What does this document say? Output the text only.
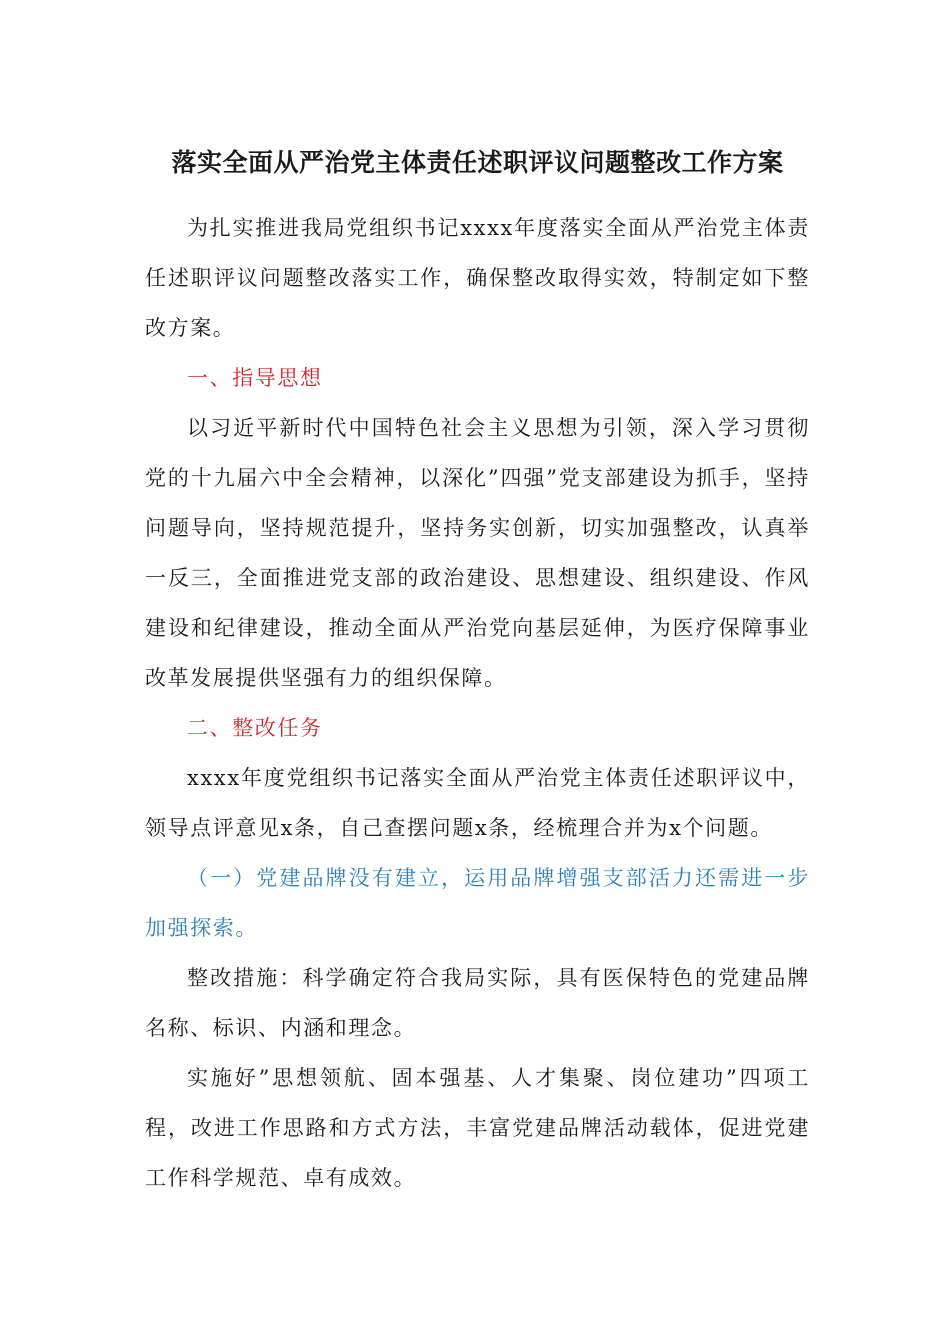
落实全面从严治党主体责任述职评议问题整改工作方案

为扎实推进我局党组织书记xxxx年度落实全面从严治党主体责任述职评议问题整改落实工作，确保整改取得实效，特制定如下整改方案。

一、指导思想

以习近平新时代中国特色社会主义思想为引领，深入学习贯彻党的十九届六中全会精神，以深化”四强”党支部建设为抓手，坚持问题导向，坚持规范提升，坚持务实创新，切实加强整改，认真举一反三，全面推进党支部的政治建设、思想建设、组织建设、作风建设和纪律建设，推动全面从严治党向基层延伸，为医疗保障事业改革发展提供坚强有力的组织保障。

二、整改任务

xxxx年度党组织书记落实全面从严治党主体责任述职评议中，领导点评意见x条，自己查摆问题x条，经梳理合并为x个问题。

（一）党建品牌没有建立，运用品牌增强支部活力还需进一步加强探索。

整改措施：科学确定符合我局实际，具有医保特色的党建品牌名称、标识、内涵和理念。

实施好”思想领航、固本强基、人才集聚、岗位建功”四项工程，改进工作思路和方式方法，丰富党建品牌活动载体，促进党建工作科学规范、卓有成效。
